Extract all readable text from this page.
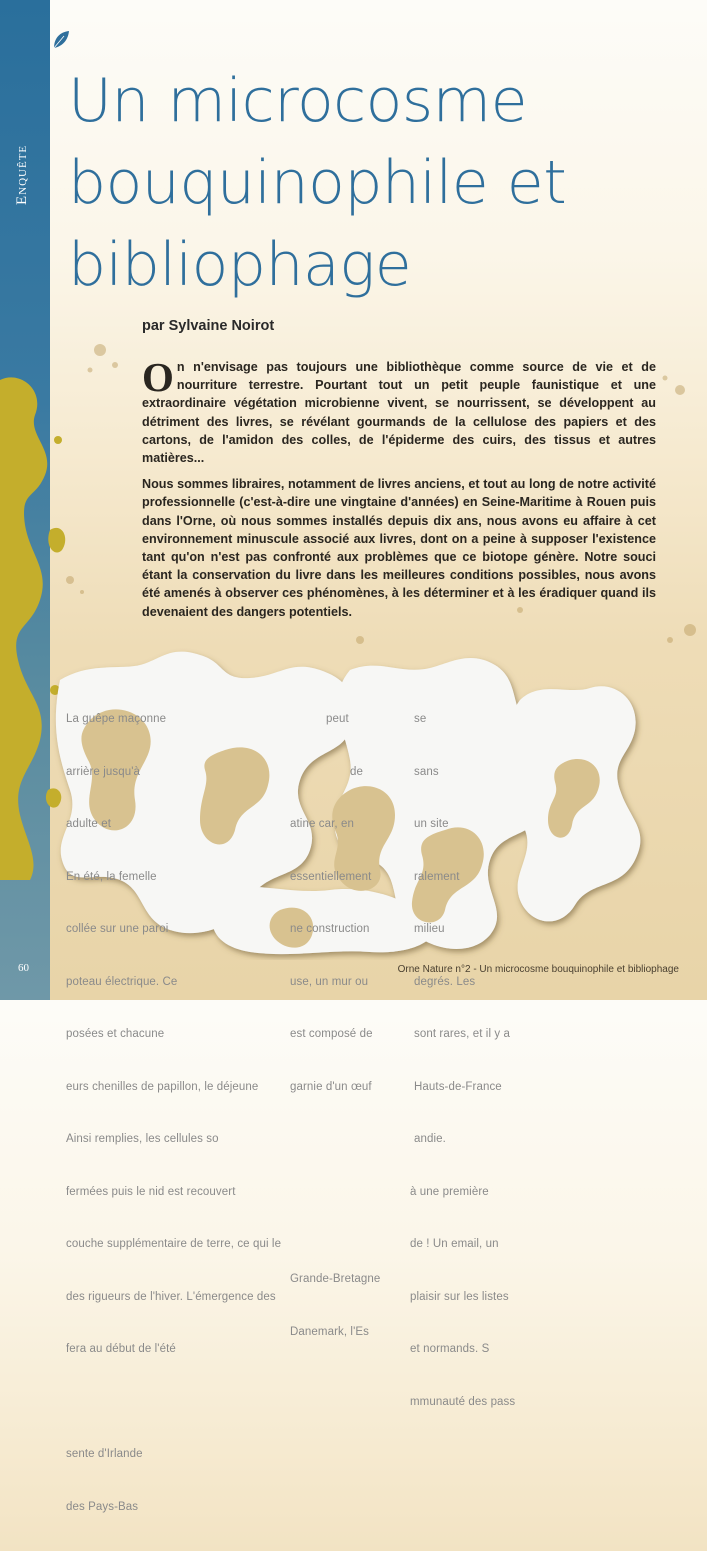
Enquête

La guêpe maçonne

arrière jusqu'à

adulte et

En été, la femelle

collée sur une paroi

poteau électrique. Ce

posées et chacune

eurs chenilles de papillon, le déjeune

Ainsi remplies, les cellules so

fermées puis le nid est recouvert

couche supplémentaire de terre, ce qui le

des rigueurs de l'hiver. L'émergence des

fera au début de l'été

sente d'Irlande

des Pays-Bas

peut

de

atine car, en

essentiellement

ne construction

use, un mur ou

est composé de

garnie d'un œuf

Grande-Bretagne

Danemark, l'Es

se

sans

un site

ralement

milieu

degrés. Les

sont rares, et il y a

Hauts-de-France

andie.

à une première

de ! Un email, un

plaisir sur les listes

et normands. S

mmunauté des pass

Un microcosme
bouquinophile et
bibliophage

par Sylvaine Noirot

On n'envisage pas toujours une bibliothèque comme source de vie et de nourriture terrestre. Pourtant tout un petit peuple faunistique et une extraordinaire végétation microbienne vivent, se nourrissent, se développent au détriment des livres, se révélant gourmands de la cellulose des papiers et des cartons, de l'amidon des colles, de l'épiderme des cuirs, des tissus et autres matières...

Nous sommes libraires, notamment de livres anciens, et tout au long de notre activité professionnelle (c'est-à-dire une vingtaine d'années) en Seine-Maritime à Rouen puis dans l'Orne, où nous sommes installés depuis dix ans, nous avons eu affaire à cet environnement minuscule associé aux livres, dont on a peine à supposer l'existence tant qu'on n'est pas confronté aux problèmes que ce biotope génère. Notre souci étant la conservation du livre dans les meilleures conditions possibles, nous avons été amenés à observer ces phénomènes, à les déterminer et à les éradiquer quand ils devenaient des dangers potentiels.

60	Orne Nature n°2 - Un microcosme bouquinophile et bibliophage
